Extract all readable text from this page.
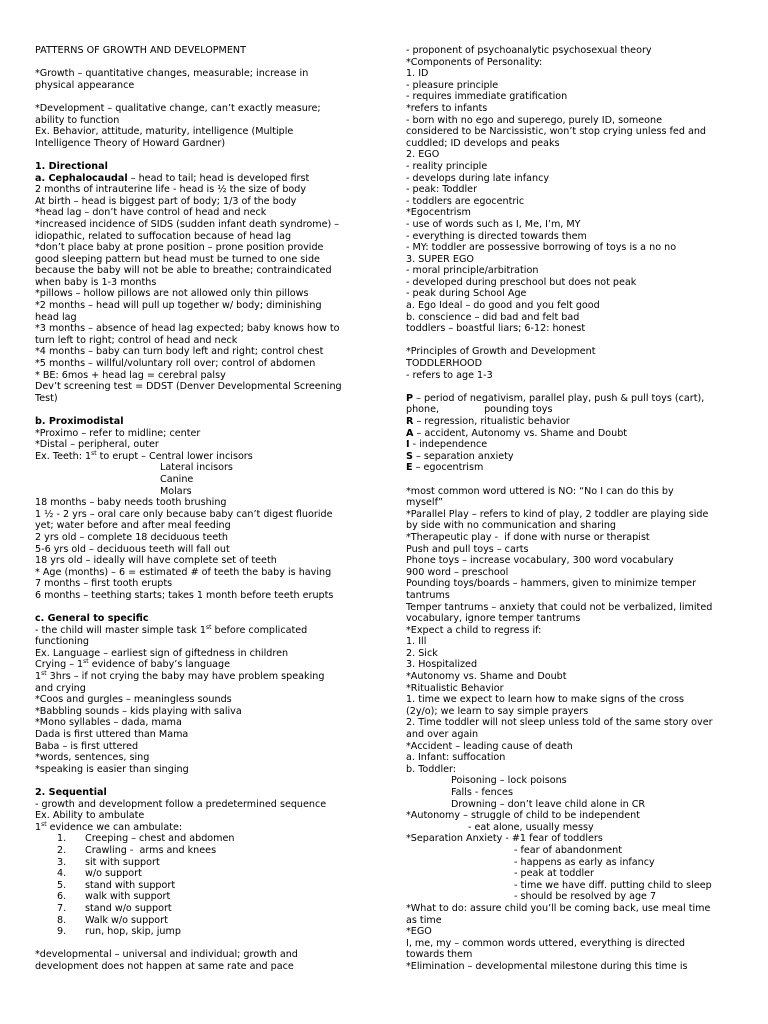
PATTERNS OF GROWTH AND DEVELOPMENT

*Growth – quantitative changes, measurable; increase in

physical appearance

*Development – qualitative change, can’t exactly measure;

ability to function

Ex. Behavior, attitude, maturity, intelligence (Multiple

Intelligence Theory of Howard Gardner)

1. Directional

a. Cephalocaudal – head to tail; head is developed first

2 months of intrauterine life - head is ½ the size of body

At birth – head is biggest part of body; 1/3 of the body

*head lag – don’t have control of head and neck

*increased incidence of SIDS (sudden infant death syndrome) –

idiopathic, related to suffocation because of head lag

*don’t place baby at prone position – prone position provide

good sleeping pattern but head must be turned to one side

because the baby will not be able to breathe; contraindicated

when baby is 1-3 months

*pillows – hollow pillows are not allowed only thin pillows

*2 months – head will pull up together w/ body; diminishing

head lag

*3 months – absence of head lag expected; baby knows how to

turn left to right; control of head and neck

*4 months – baby can turn body left and right; control chest

*5 months – willful/voluntary roll over; control of abdomen

* BE: 6mos + head lag = cerebral palsy

Dev’t screening test = DDST (Denver Developmental Screening

Test)

b. Proximodistal

*Proximo – refer to midline; center

*Distal – peripheral, outer

Ex. Teeth: 1st to erupt – Central lower incisors

Lateral incisors

Canine

Molars

18 months – baby needs tooth brushing

1 ½ - 2 yrs – oral care only because baby can’t digest fluoride

yet; water before and after meal feeding

2 yrs old – complete 18 deciduous teeth

5-6 yrs old – deciduous teeth will fall out

18 yrs old – ideally will have complete set of teeth

* Age (months) – 6 = estimated # of teeth the baby is having

7 months – first tooth erupts

6 months – teething starts; takes 1 month before teeth erupts

c. General to specific

- the child will master simple task 1st before complicated

functioning

Ex. Language – earliest sign of giftedness in children

Crying – 1st evidence of baby’s language

1st 3hrs – if not crying the baby may have problem speaking

and crying

*Coos and gurgles – meaningless sounds

*Babbling sounds – kids playing with saliva

*Mono syllables – dada, mama

Dada is first uttered than Mama

Baba – is first uttered

*words, sentences, sing

*speaking is easier than singing

2. Sequential

- growth and development follow a predetermined sequence

Ex. Ability to ambulate

1st evidence we can ambulate:

1. Creeping – chest and abdomen

2. Crawling -  arms and knees

3. sit with support

4. w/o support

5. stand with support

6. walk with support

7. stand w/o support

8. Walk w/o support

9. run, hop, skip, jump

*developmental – universal and individual; growth and

development does not happen at same rate and pace

- proponent of psychoanalytic psychosexual theory

*Components of Personality:

1. ID

- pleasure principle

- requires immediate gratification

*refers to infants

- born with no ego and superego, purely ID, someone

considered to be Narcissistic, won’t stop crying unless fed and

cuddled; ID develops and peaks

2. EGO

- reality principle

- develops during late infancy

- peak: Toddler

- toddlers are egocentric

*Egocentrism

- use of words such as I, Me, I’m, MY

- everything is directed towards them

- MY: toddler are possessive borrowing of toys is a no no

3. SUPER EGO

- moral principle/arbitration

- developed during preschool but does not peak

- peak during School Age

a. Ego Ideal – do good and you felt good

b. conscience – did bad and felt bad

toddlers – boastful liars; 6-12: honest

*Principles of Growth and Development

TODDLERHOOD

- refers to age 1-3

P – period of negativism, parallel play, push & pull toys (cart),

phone,	pounding toys

R – regression, ritualistic behavior

A – accident, Autonomy vs. Shame and Doubt

I - independence

S – separation anxiety

E – egocentrism

*most common word uttered is NO: “No I can do this by

myself”

*Parallel Play – refers to kind of play, 2 toddler are playing side

by side with no communication and sharing

*Therapeutic play -  if done with nurse or therapist

Push and pull toys – carts

Phone toys – increase vocabulary, 300 word vocabulary

900 word – preschool

Pounding toys/boards – hammers, given to minimize temper

tantrums

Temper tantrums – anxiety that could not be verbalized, limited

vocabulary, ignore temper tantrums

*Expect a child to regress if:

1. Ill

2. Sick

3. Hospitalized

*Autonomy vs. Shame and Doubt

*Ritualistic Behavior

1. time we expect to learn how to make signs of the cross

(2y/o); we learn to say simple prayers

2. Time toddler will not sleep unless told of the same story over

and over again

*Accident – leading cause of death

a. Infant: suffocation

b. Toddler:

Poisoning – lock poisons

Falls - fences

Drowning – don’t leave child alone in CR

*Autonomy – struggle of child to be independent

- eat alone, usually messy

*Separation Anxiety - #1 fear of toddlers

- fear of abandonment

- happens as early as infancy

- peak at toddler

- time we have diff. putting child to sleep

- should be resolved by age 7

*What to do: assure child you’ll be coming back, use meal time

as time

*EGO

I, me, my – common words uttered, everything is directed

towards them

*Elimination – developmental milestone during this time is
